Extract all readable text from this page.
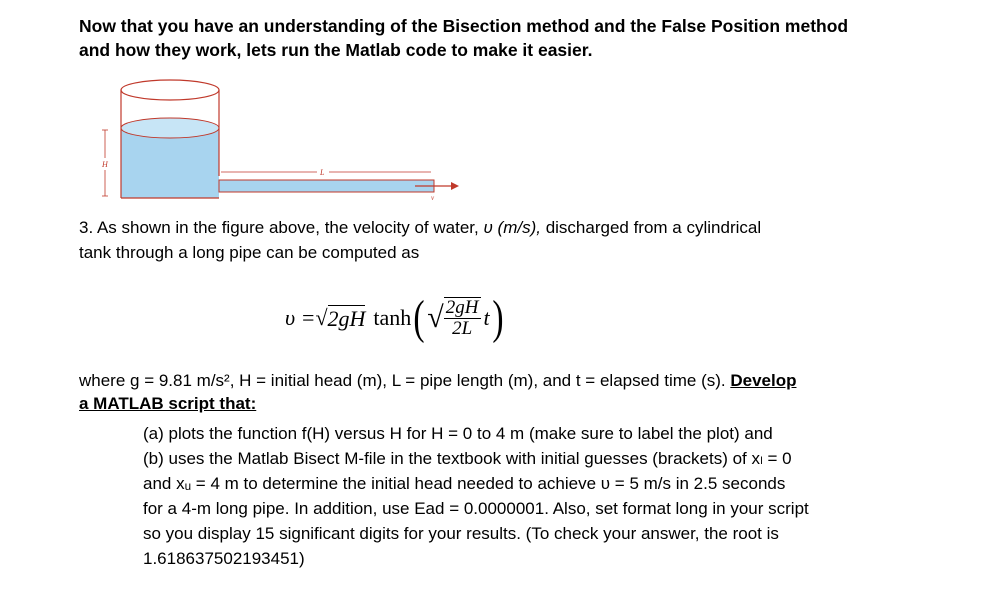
Now that you have an understanding of the Bisection method and the False Position method
and how they work, lets run the Matlab code to make it easier.
v
L
H
3. As shown in the figure above, the velocity of water, υ (m/s), discharged from a cylindrical
tank through a long pipe can be computed as
υ = √ 2gH tanh ( √ $\frac{2gH}{2L}$ t )
where g = 9.81 m/s², H = initial head (m), L = pipe length (m), and t = elapsed time (s). Develop
a MATLAB script that:

(a) plots the function f(H) versus H for H = 0 to 4 m (make sure to label the plot) and

(b) uses the Matlab Bisect M-file in the textbook with initial guesses (brackets) of xₗ = 0

and xᵤ = 4 m to determine the initial head needed to achieve υ = 5 m/s in 2.5 seconds

for a 4-m long pipe. In addition, use Ead = 0.0000001. Also, set format long in your script

so you display 15 significant digits for your results. (To check your answer, the root is

1.618637502193451)
